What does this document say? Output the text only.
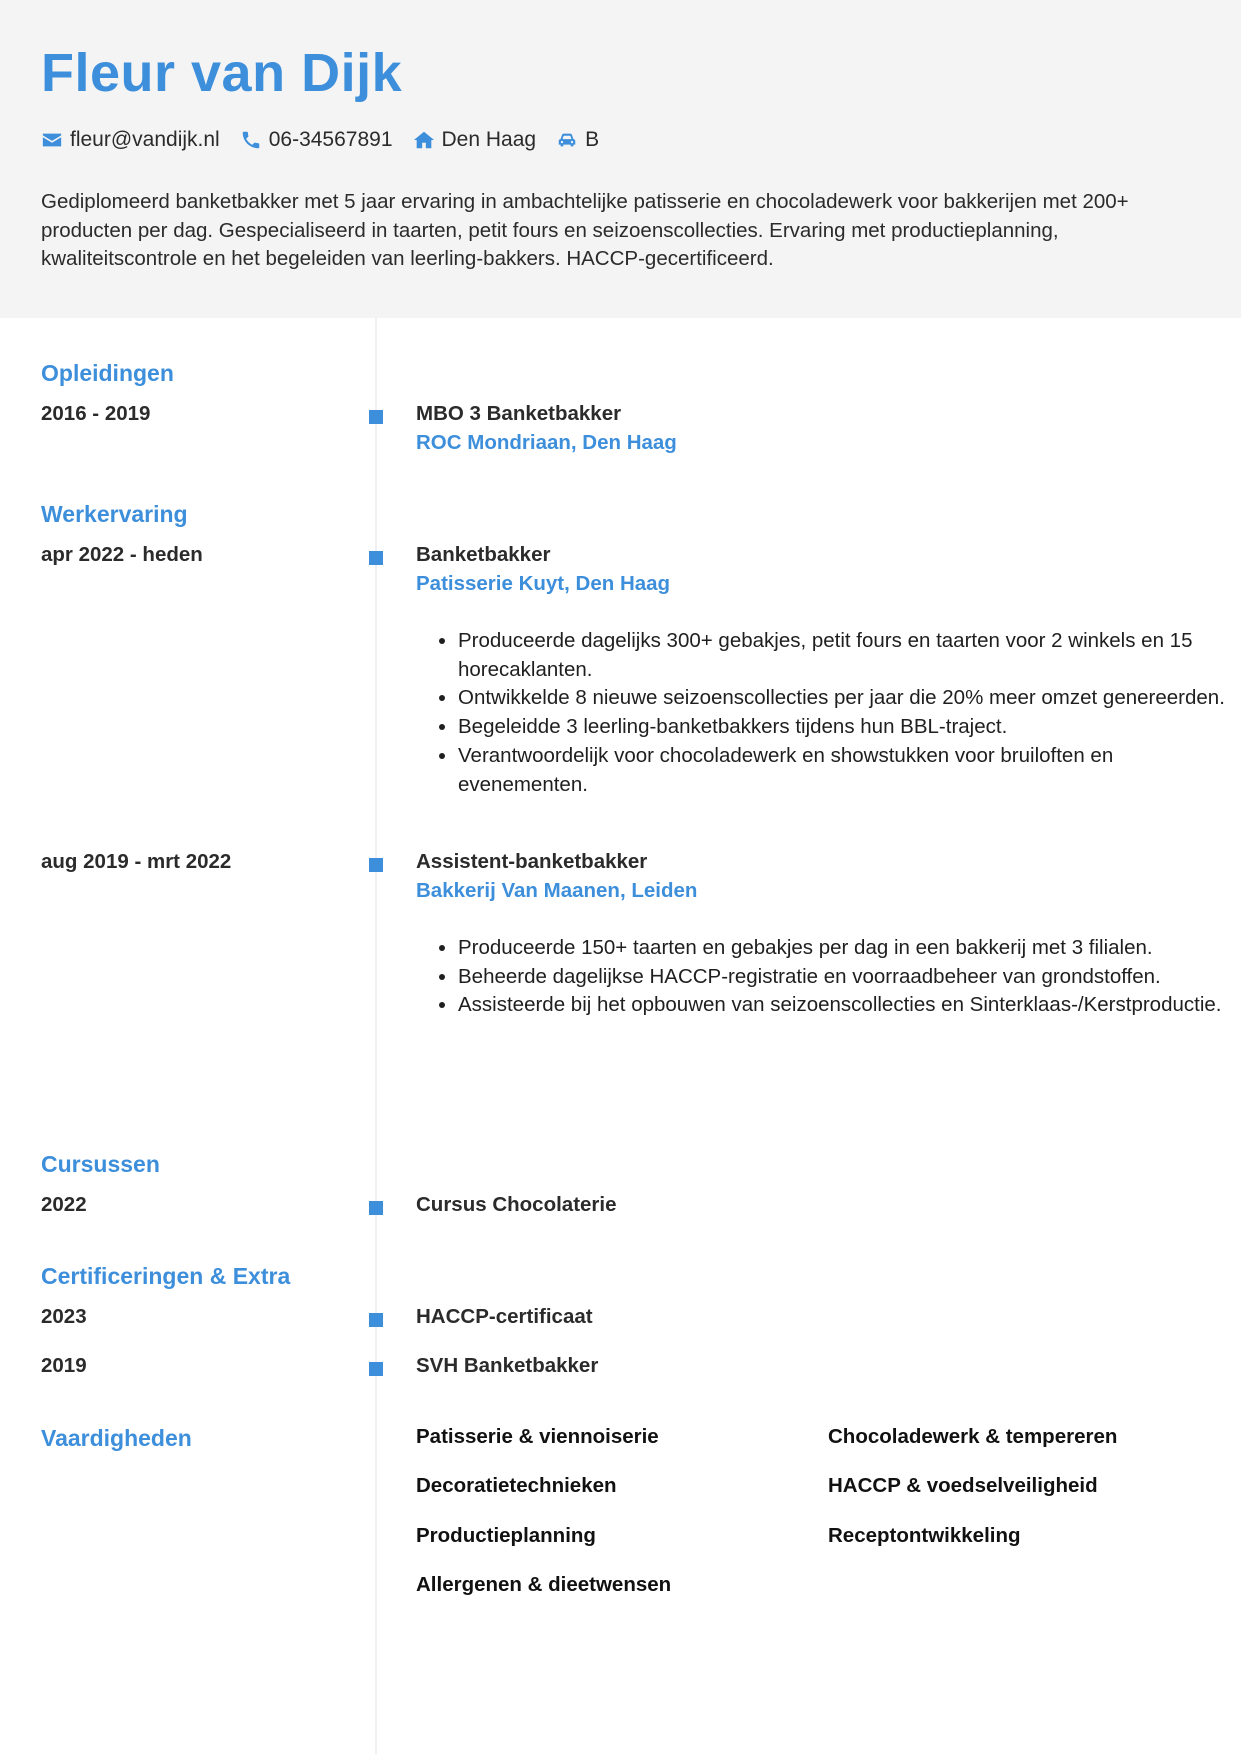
Fleur van Dijk
fleur@vandijk.nl 06-34567891 Den Haag B
Gediplomeerd banketbakker met 5 jaar ervaring in ambachtelijke patisserie en chocoladewerk voor bakkerijen met 200+ producten per dag. Gespecialiseerd in taarten, petit fours en seizoenscollecties. Ervaring met productieplanning, kwaliteitscontrole en het begeleiden van leerling-bakkers. HACCP-gecertificeerd.
Opleidingen
2016 - 2019	MBO 3 Banketbakker
ROC Mondriaan, Den Haag
Werkervaring
apr 2022 - heden	Banketbakker
Patisserie Kuyt, Den Haag
• Produceerde dagelijks 300+ gebakjes, petit fours en taarten voor 2 winkels en 15 horecaklanten.
• Ontwikkelde 8 nieuwe seizoenscollecties per jaar die 20% meer omzet genereerden.
• Begeleidde 3 leerling-banketbakkers tijdens hun BBL-traject.
• Verantwoordelijk voor chocoladewerk en showstukken voor bruiloften en evenementen.
aug 2019 - mrt 2022	Assistent-banketbakker
Bakkerij Van Maanen, Leiden
• Produceerde 150+ taarten en gebakjes per dag in een bakkerij met 3 filialen.
• Beheerde dagelijkse HACCP-registratie en voorraadbeheer van grondstoffen.
• Assisteerde bij het opbouwen van seizoenscollecties en Sinterklaas-/Kerstproductie.
Cursussen
2022	Cursus Chocolaterie
Certificeringen & Extra
2023	HACCP-certificaat
2019	SVH Banketbakker
Vaardigheden	Patisserie & viennoiserie	Chocoladewerk & tempereren
Decoratietechnieken	HACCP & voedselveiligheid
Productieplanning	Receptontwikkeling
Allergenen & dieetwensen
